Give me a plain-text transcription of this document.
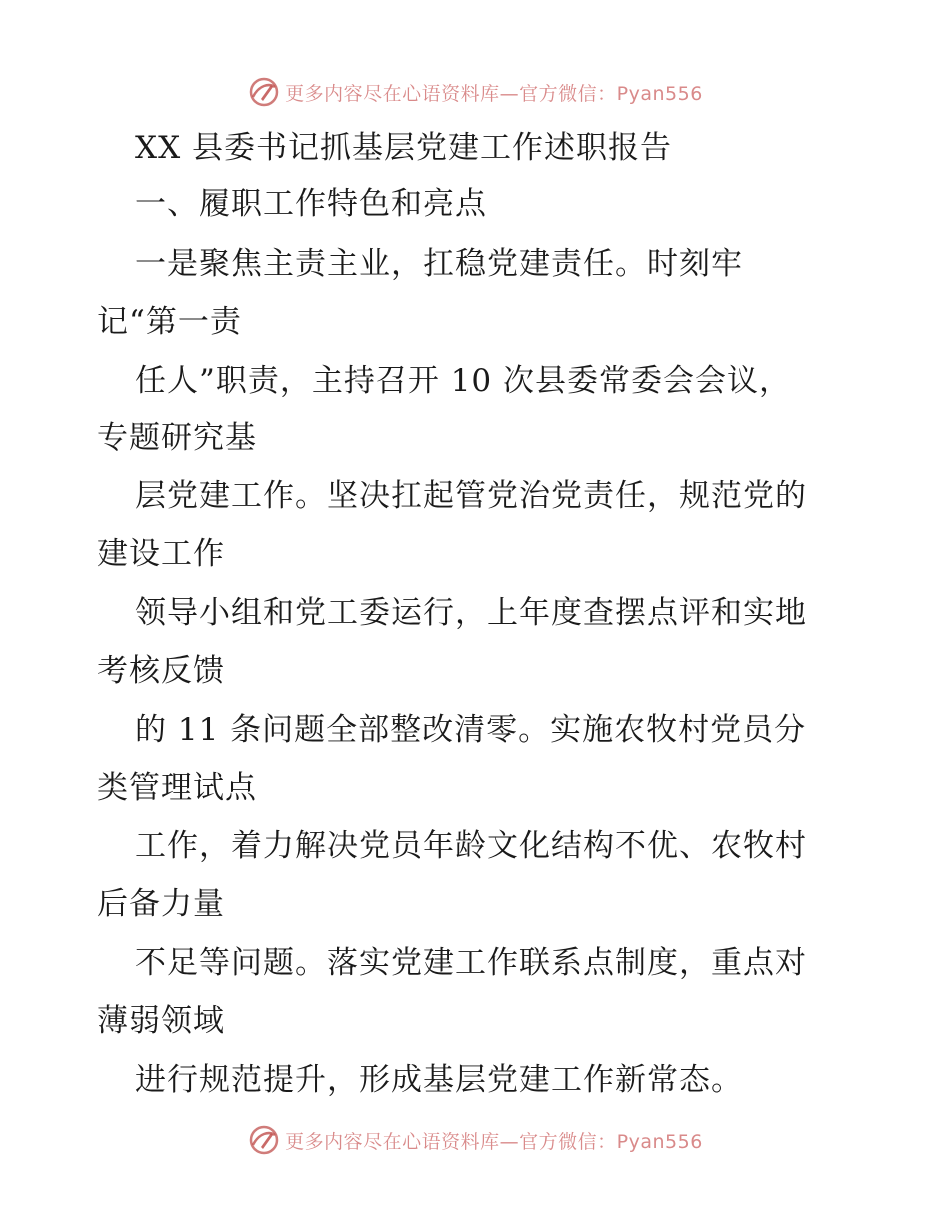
更多内容尽在心语资料库—官方微信：Pyan556
XX 县委书记抓基层党建工作述职报告
一、履职工作特色和亮点
一是聚焦主责主业，扛稳党建责任。时刻牢
记“第一责
任人”职责，主持召开 10 次县委常委会会议，
专题研究基
层党建工作。坚决扛起管党治党责任，规范党的
建设工作
领导小组和党工委运行，上年度查摆点评和实地
考核反馈
的 11 条问题全部整改清零。实施农牧村党员分
类管理试点
工作，着力解决党员年龄文化结构不优、农牧村
后备力量
不足等问题。落实党建工作联系点制度，重点对
薄弱领域
进行规范提升，形成基层党建工作新常态。
更多内容尽在心语资料库—官方微信：Pyan556
